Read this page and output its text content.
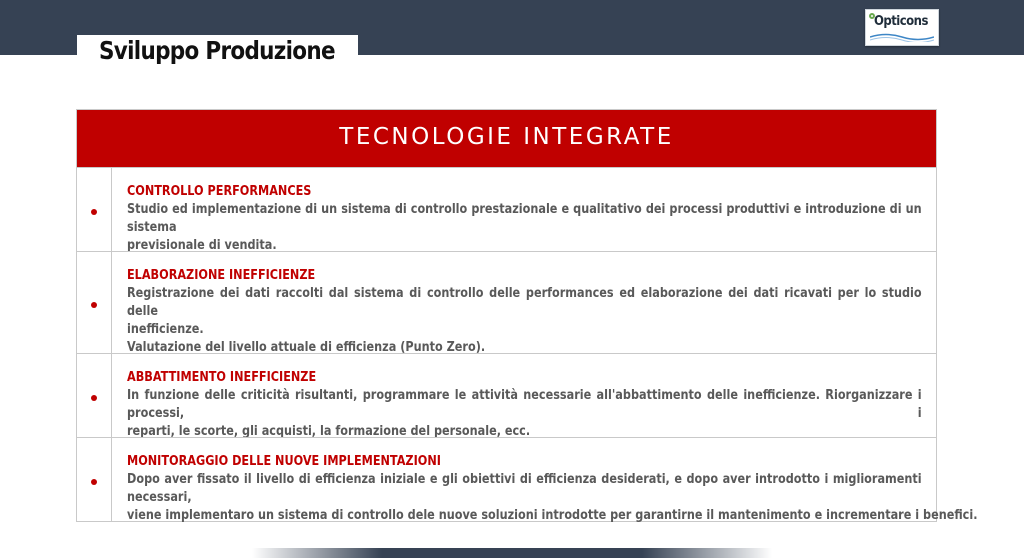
Sviluppo Produzione
Opticons
TECNOLOGIE INTEGRATE
CONTROLLO PERFORMANCES
Studio ed implementazione di un sistema di controllo prestazionale e qualitativo dei processi produttivi e introduzione di un sistema
previsionale di vendita.
ELABORAZIONE INEFFICIENZE
Registrazione dei dati raccolti dal sistema di controllo delle performances ed elaborazione dei dati ricavati per lo studio delle
inefficienze.
Valutazione del livello attuale di efficienza (Punto Zero).
ABBATTIMENTO INEFFICIENZE
In funzione delle criticità risultanti, programmare le attività necessarie all'abbattimento delle inefficienze. Riorganizzare i processi, i
reparti, le scorte, gli acquisti, la formazione del personale, ecc.
MONITORAGGIO DELLE NUOVE IMPLEMENTAZIONI
Dopo aver fissato il livello di efficienza iniziale e gli obiettivi di efficienza desiderati, e dopo aver introdotto i miglioramenti necessari,
viene implementaro un sistema di controllo dele nuove soluzioni introdotte per garantirne il mantenimento e incrementare i benefici.
